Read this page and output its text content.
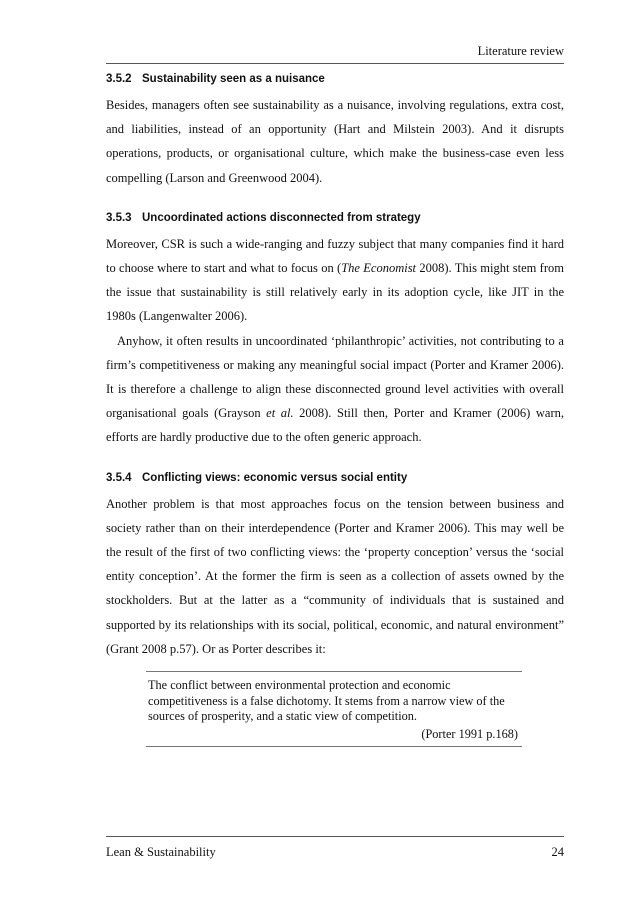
Literature review
3.5.2 Sustainability seen as a nuisance

Besides, managers often see sustainability as a nuisance, involving regulations, extra cost, and liabilities, instead of an opportunity (Hart and Milstein 2003). And it disrupts operations, products, or organisational culture, which make the business-case even less compelling (Larson and Greenwood 2004).

3.5.3 Uncoordinated actions disconnected from strategy

Moreover, CSR is such a wide-ranging and fuzzy subject that many companies find it hard to choose where to start and what to focus on (The Economist 2008). This might stem from the issue that sustainability is still relatively early in its adoption cycle, like JIT in the 1980s (Langenwalter 2006).

Anyhow, it often results in uncoordinated ‘philanthropic’ activities, not contributing to a firm’s competitiveness or making any meaningful social impact (Porter and Kramer 2006). It is therefore a challenge to align these disconnected ground level activities with overall organisational goals (Grayson et al. 2008). Still then, Porter and Kramer (2006) warn, efforts are hardly productive due to the often generic approach.

3.5.4 Conflicting views: economic versus social entity

Another problem is that most approaches focus on the tension between business and society rather than on their interdependence (Porter and Kramer 2006). This may well be the result of the first of two conflicting views: the ‘property conception’ versus the ‘social entity conception’. At the former the firm is seen as a collection of assets owned by the stockholders. But at the latter as a “community of individuals that is sustained and supported by its relationships with its social, political, economic, and natural environment” (Grant 2008 p.57). Or as Porter describes it:

The conflict between environmental protection and economic competitiveness is a false dichotomy. It stems from a narrow view of the sources of prosperity, and a static view of competition.

(Porter 1991 p.168)
Lean & Sustainability	24
